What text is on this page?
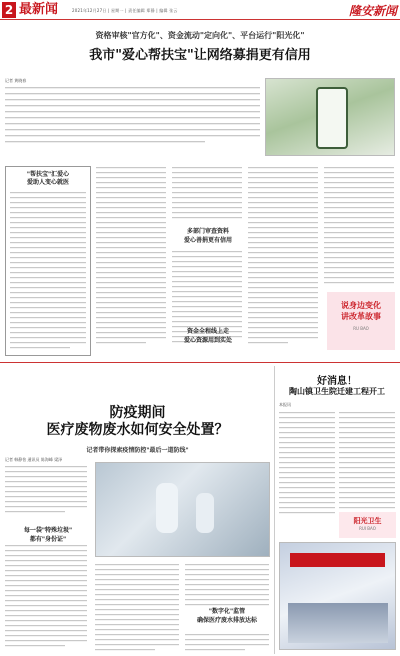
2 最新闻	2021年12月27日 | 星期一 | 责任编辑 郑静 | 编辑 张云	隆安新闻
资格审核"官方化"、资金流动"定向化"、平台运行"阳光化"
我市"爱心帮扶宝"让网络募捐更有信用
记者 黄晓春
"帮扶宝"汇爱心
爱助人变心就医
多部门审查资料
爱心善捐更有信用
资金全程线上走
爱心资源用到实处
说身边变化
讲改革故事
RU BAO
防疫期间
医疗废物废水如何安全处置？
记者带你探索疫情防控"最后一道防线"
记者 韩静怡 通讯员 陈海峰 梁泽
每一袋"特殊垃圾"
都有"身份证"
"数字化"监管
确保医疗废水排放达标
好消息！
陶山镇卫生院迁建工程开工
本报讯
阳光卫生
RUI BAO
